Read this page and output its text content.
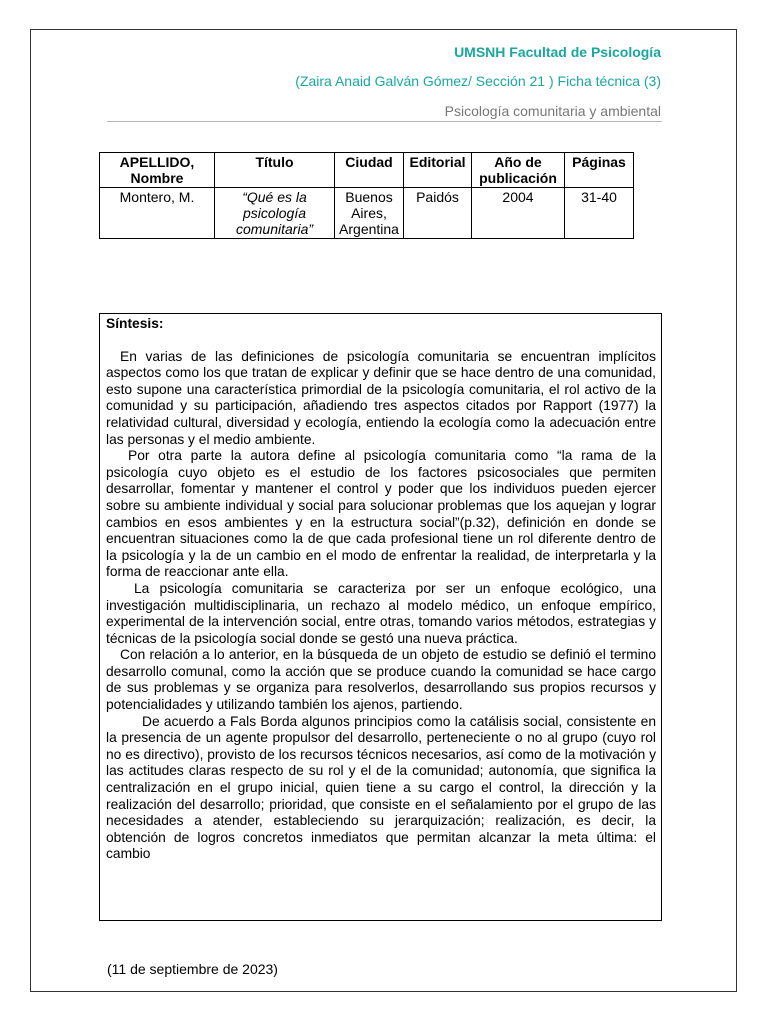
UMSNH Facultad de Psicología
(Zaira Anaid Galván Gómez/ Sección 21 ) Ficha técnica (3)
Psicología comunitaria y ambiental
APELLIDO, Nombre	Título	Ciudad	Editorial	Año de publicación	Páginas
Montero, M.	“Qué es la psicología comunitaria”	Buenos Aires, Argentina	Paidós	2004	31-40
Síntesis:

En varias de las definiciones de psicología comunitaria se encuentran implícitos aspectos como los que tratan de explicar y definir que se hace dentro de una comunidad, esto supone una característica primordial de la psicología comunitaria, el rol activo de la comunidad y su participación, añadiendo tres aspectos citados por Rapport (1977) la relatividad cultural, diversidad y ecología, entiendo la ecología como la adecuación entre las personas y el medio ambiente.

Por otra parte la autora define al psicología comunitaria como “la rama de la psicología cuyo objeto es el estudio de los factores psicosociales que permiten desarrollar, fomentar y mantener el control y poder que los individuos pueden ejercer sobre su ambiente individual y social para solucionar problemas que los aquejan y lograr cambios en esos ambientes y en la estructura social”(p.32), definición en donde se encuentran situaciones como la de que cada profesional tiene un rol diferente dentro de la psicología y la de un cambio en el modo de enfrentar la realidad, de interpretarla y la forma de reaccionar ante ella.

La psicología comunitaria se caracteriza por ser un enfoque ecológico, una investigación multidisciplinaria, un rechazo al modelo médico, un enfoque empírico, experimental de la intervención social, entre otras, tomando varios métodos, estrategias y técnicas de la psicología social donde se gestó una nueva práctica.

Con relación a lo anterior, en la búsqueda de un objeto de estudio se definió el termino desarrollo comunal, como la acción que se produce cuando la comunidad se hace cargo de sus problemas y se organiza para resolverlos, desarrollando sus propios recursos y potencialidades y utilizando también los ajenos, partiendo.

De acuerdo a Fals Borda algunos principios como la catálisis social, consistente en la presencia de un agente propulsor del desarrollo, perteneciente o no al grupo (cuyo rol no es directivo), provisto de los recursos técnicos necesarios, así como de la motivación y las actitudes claras respecto de su rol y el de la comunidad; autonomía, que significa la centralización en el grupo inicial, quien tiene a su cargo el control, la dirección y la realización del desarrollo; prioridad, que consiste en el señalamiento por el grupo de las necesidades a atender, estableciendo su jerarquización; realización, es decir, la obtención de logros concretos inmediatos que permitan alcanzar la meta última: el cambio

(11 de septiembre de 2023)
